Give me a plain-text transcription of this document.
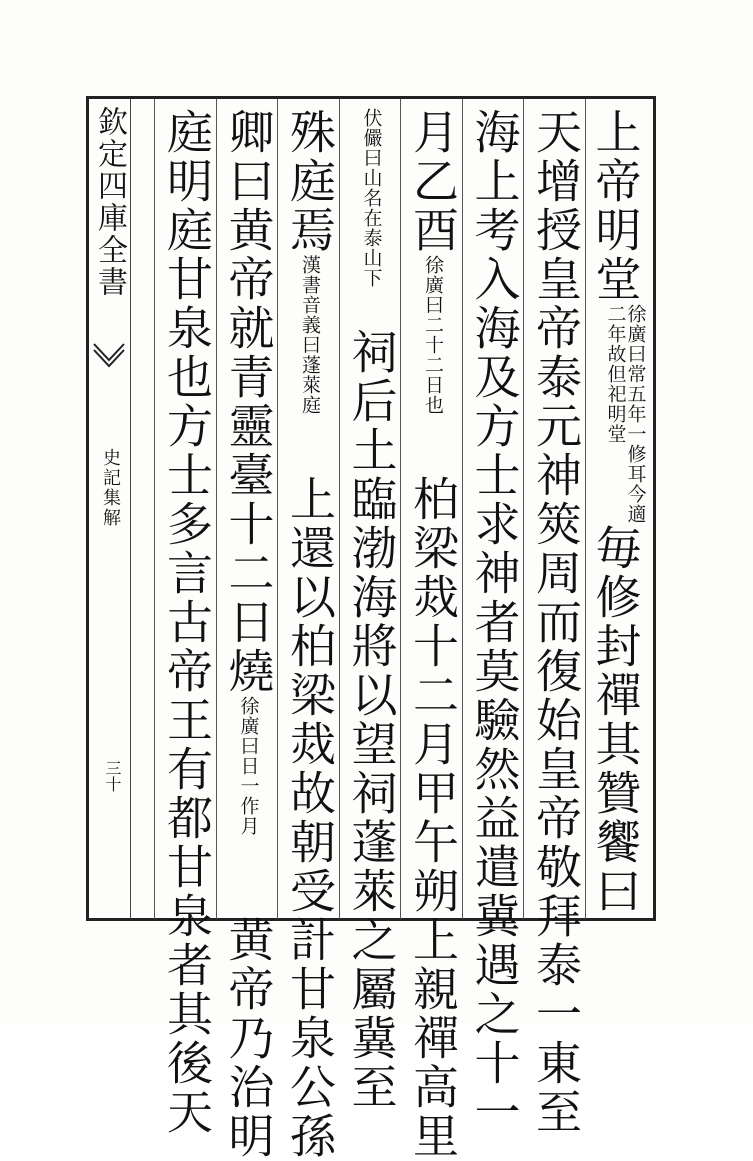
欽定四庫全書
史記集解
三十
上帝明堂徐廣曰常五年一修耳今適二年故但祀明堂毎修封禪其贊饗曰
天增授皇帝泰元神筴周而復始皇帝敬拜泰一東至
海上考入海及方士求神者莫驗然益遣冀遇之十一
月乙酉徐廣曰二十二日也柏梁烖十二月甲午朔上親禪高里
伏儼曰山名在泰山下祠后土臨渤海將以望祠蓬萊之屬冀至
殊庭焉漢書音義曰蓬萊庭上還以柏梁烖故朝受計甘泉公孫
卿曰黄帝就青靈臺十二日燒徐廣曰日一作月黄帝乃治明
庭明庭甘泉也方士多言古帝王有都甘泉者其後天
